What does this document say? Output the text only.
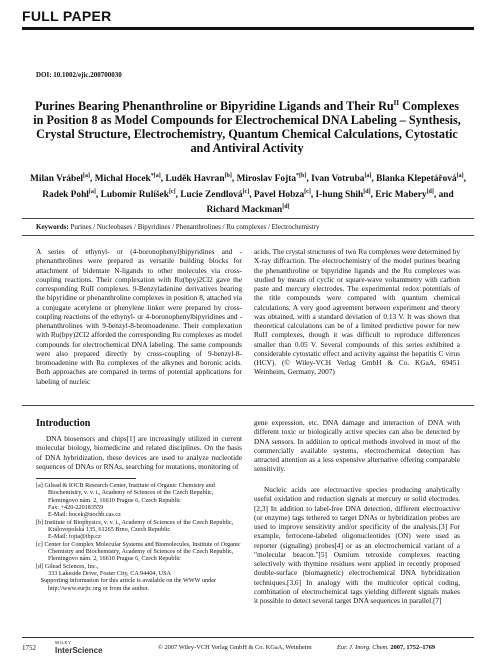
FULL PAPER
DOI: 10.1002/ejic.200700030
Purines Bearing Phenanthroline or Bipyridine Ligands and Their $Ru^{II}$ Complexes in Position 8 as Model Compounds for Electrochemical DNA Labeling – Synthesis, Crystal Structure, Electrochemistry, Quantum Chemical Calculations, Cytostatic and Antiviral Activity
Milan Vrábel[a], Michal Hocek$^{*[a]}$, Luděk Havran[b], Miroslav Fojta$^{*[b]}$, Ivan Votruba[a], Blanka Klepetářová[a], Radek Pohl[a], Lubomír Rulíšek[c], Lucie Zendlová[c], Pavel Hobza[c], I-hung Shih[d], Eric Mabery[d], and Richard Mackman[d]
Keywords: Purines / Nucleobases / Bipyridines / Phenanthrolines / Ru complexes / Electrochemistry
A series of ethynyl- or (4-boronophenyl)bipyridines and -phenanthrolines were prepared as versatile building blocks for attachment of bidentate N-ligands to other molecules via cross-coupling reactions. Their complexation with Ru(bpy)2Cl2 gave the corresponding RuII complexes. 9-Benzyladenine derivatives bearing the bipyridine or phenanthroline complexes in position 8, attached via a conjugate acetylene or phenylene linker were prepared by cross-coupling reactions of the ethynyl- or 4-boronophenylbipyridines and -phenanthrolines with 9-benzyl-8-bromoadenine. Their complexation with Ru(bpy)2Cl2 afforded the corresponding Ru complexes as model compounds for electrochemical DNA labeling. The same compounds were also prepared directly by cross-coupling of 9-benzyl-8-bromoadenine with Ru complexes of the alkynes and boronic acids. Both approaches are compared in terms of potential applications for labeling of nucleic
acids. The crystal structures of two Ru complexes were determined by X-ray diffraction. The electrochemistry of the model purines bearing the phenanthroline or bipyridine ligands and the Ru complexes was studied by means of cyclic or square-wave voltammetry with carbon paste and mercury electrodes. The experimental redox potentials of the title compounds were compared with quantum chemical calculations. A very good agreement between experiment and theory was obtained, with a standard deviation of 0.13 V. It was shown that theoretical calculations can be of a limited predictive power for new RuII complexes, though it was difficult to reproduce differences smaller than 0.05 V. Several compounds of this series exhibited a considerable cytostatic effect and activity against the hepatitis C virus (HCV). (© Wiley-VCH Verlag GmbH & Co. KGaA, 69451 Weinheim, Germany, 2007)
Introduction
DNA biosensors and chips[1] are increasingly utilized in current molecular biology, biomedicine and related disciplines. On the basis of DNA hybridization, these devices are used to analyze nucleotide sequences of DNAs or RNAs, searching for mutations, monitoring of
gene expression, etc. DNA damage and interaction of DNA with different toxic or biologically active species can also be detected by DNA sensors. In addition to optical methods involved in most of the commercially available systems, electrochemical detection has attracted attention as a less expensive alternative offering comparable sensitivity.
Nucleic acids are electroactive species producing analytically useful oxidation and reduction signals at mercury or solid electrodes.[2,3] In addition to label-free DNA detection, different electroactive (or enzyme) tags tethered to target DNAs or hybridization probes are used to improve sensitivity and/or specificity of the analysis.[3] For example, ferrocene-labeled oligonucleotides (ON) were used as reporter (signaling) probes[4] or as an electrochemical variant of a "molecular beacon."[5] Osmium tetroxide complexes reacting selectively with thymine residues were applied in recently proposed double-surface (biomagnetic) electrochemical DNA hybridization techniques.[3,6] In analogy with the multicolor optical coding, combination of electrochemical tags yielding different signals makes it possible to detect several target DNA sequences in parallel.[7]
[a] Gilead & IOCB Research Center, Institute of Organic Chemistry and Biochemistry, v. v. i., Academy of Sciences of the Czech Republic,
Flemingovo nám. 2, 16610 Prague 6, Czech Republic
Fax: +420-220183559
E-Mail: hocek@uochb.cas.cz
[b] Institute of Biophysics, v. v. i., Academy of Sciences of the Czech Republic,
Královopolská 135, 61265 Brno, Czech Republic
E-Mail: fojta@ibp.cz
[c] Center for Complex Molecular Systems and Biomolecules, Institute of Organic Chemistry and Biochemistry, Academy of Sciences of the Czech Republic,
Flemingovo nám. 2, 16610 Prague 6, Czech Republic
[d] Gilead Sciences, Inc.,
333 Lakeside Drive, Foster City, CA 94404, USA
Supporting information for this article is available on the WWW under http://www.eurjic.org or from the author.
1752
WILEY
InterScience	© 2007 Wiley-VCH Verlag GmbH & Co. KGaA, Weinheim	Eur. J. Inorg. Chem. 2007, 1752–1769
